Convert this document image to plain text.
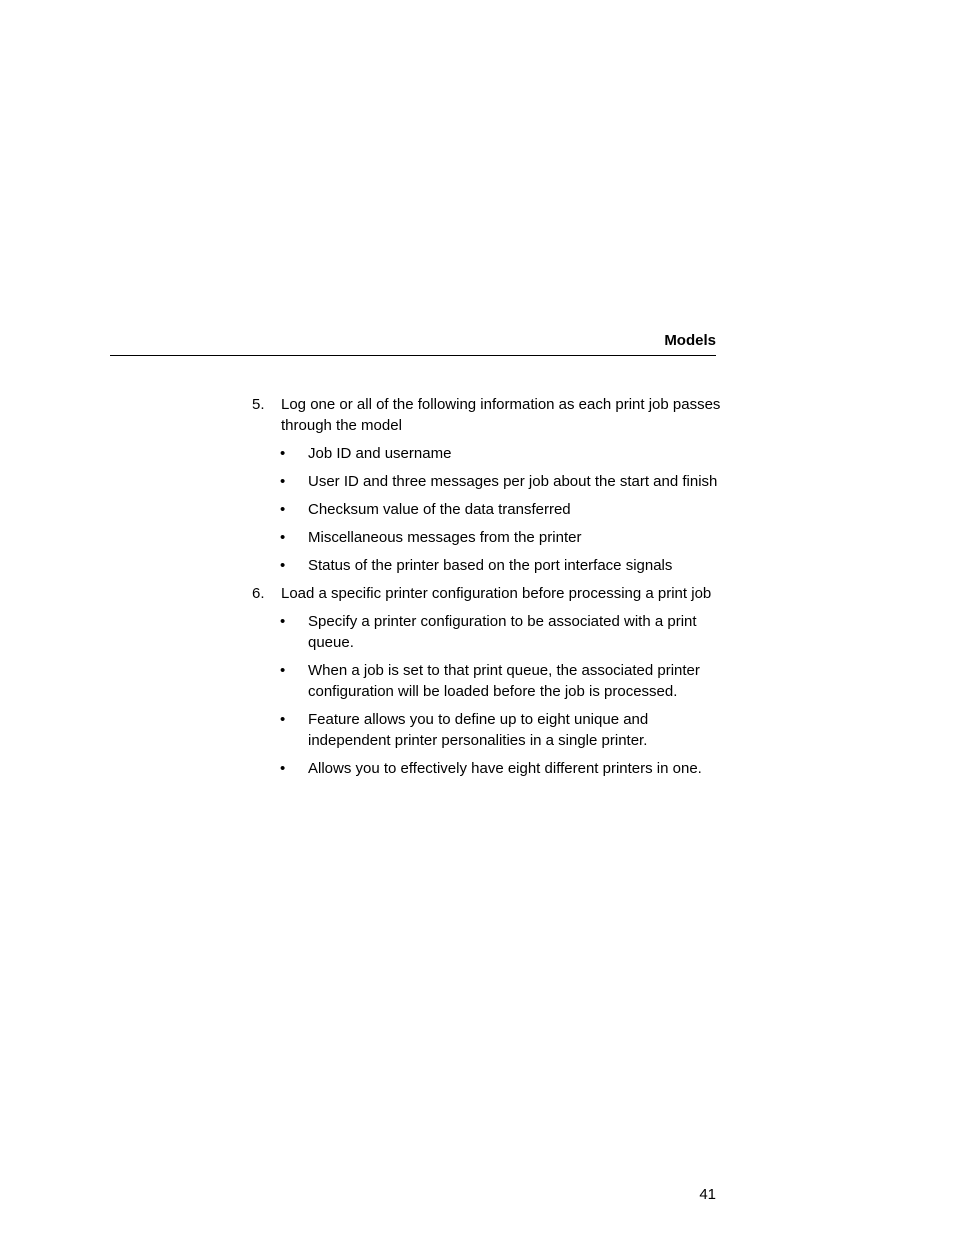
Models
5. Log one or all of the following information as each print job passes through the model
• Job ID and username
• User ID and three messages per job about the start and finish
• Checksum value of the data transferred
• Miscellaneous messages from the printer
• Status of the printer based on the port interface signals
6. Load a specific printer configuration before processing a print job
• Specify a printer configuration to be associated with a print queue.
• When a job is set to that print queue, the associated printer configuration will be loaded before the job is processed.
• Feature allows you to define up to eight unique and independent printer personalities in a single printer.
• Allows you to effectively have eight different printers in one.
41
